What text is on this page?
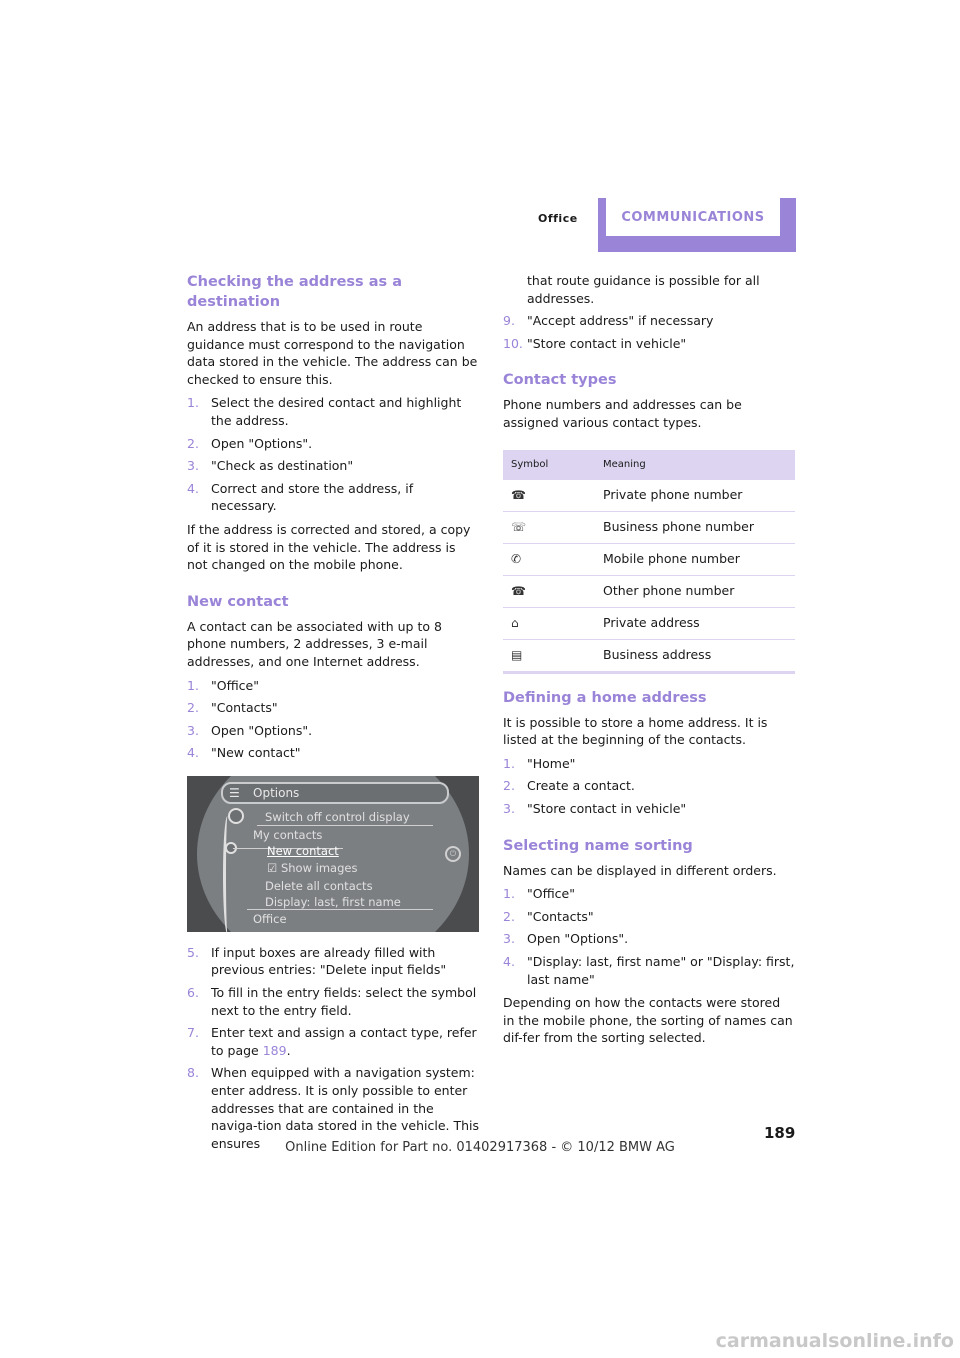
Office	COMMUNICATIONS
Checking the address as a destination

An address that is to be used in route guidance must correspond to the navigation data stored in the vehicle. The address can be checked to ensure this.

1. Select the desired contact and highlight the address.
2. Open "Options".
3. "Check as destination"
4. Correct and store the address, if necessary.

If the address is corrected and stored, a copy of it is stored in the vehicle. The address is not changed on the mobile phone.

New contact

A contact can be associated with up to 8 phone numbers, 2 addresses, 3 e-mail addresses, and one Internet address.

1. "Office"
2. "Contacts"
3. Open "Options".
4. "New contact"
☰ Options
Switch off control display
My contacts
New contact
☑ Show images
Delete all contacts
Display: last, first name
Office
⏻
5. If input boxes are already filled with previous entries: "Delete input fields"
6. To fill in the entry fields: select the symbol next to the entry field.
7. Enter text and assign a contact type, refer to page 189.
8. When equipped with a navigation system: enter address. It is only possible to enter addresses that are contained in the naviga-tion data stored in the vehicle. This ensures
that route guidance is possible for all addresses.
9. "Accept address" if necessary
10. "Store contact in vehicle"
Contact types

Phone numbers and addresses can be assigned various contact types.

Symbol	Meaning
☎	Private phone number
☏	Business phone number
✆	Mobile phone number
☎	Other phone number
⌂	Private address
▤	Business address
Defining a home address

It is possible to store a home address. It is listed at the beginning of the contacts.

1. "Home"
2. Create a contact.
3. "Store contact in vehicle"
Selecting name sorting

Names can be displayed in different orders.

1. "Office"
2. "Contacts"
3. Open "Options".
4. "Display: last, first name" or "Display: first, last name"

Depending on how the contacts were stored in the mobile phone, the sorting of names can dif-fer from the sorting selected.

189
Online Edition for Part no. 01402917368 - © 10/12 BMW AG
carmanualsonline.info
